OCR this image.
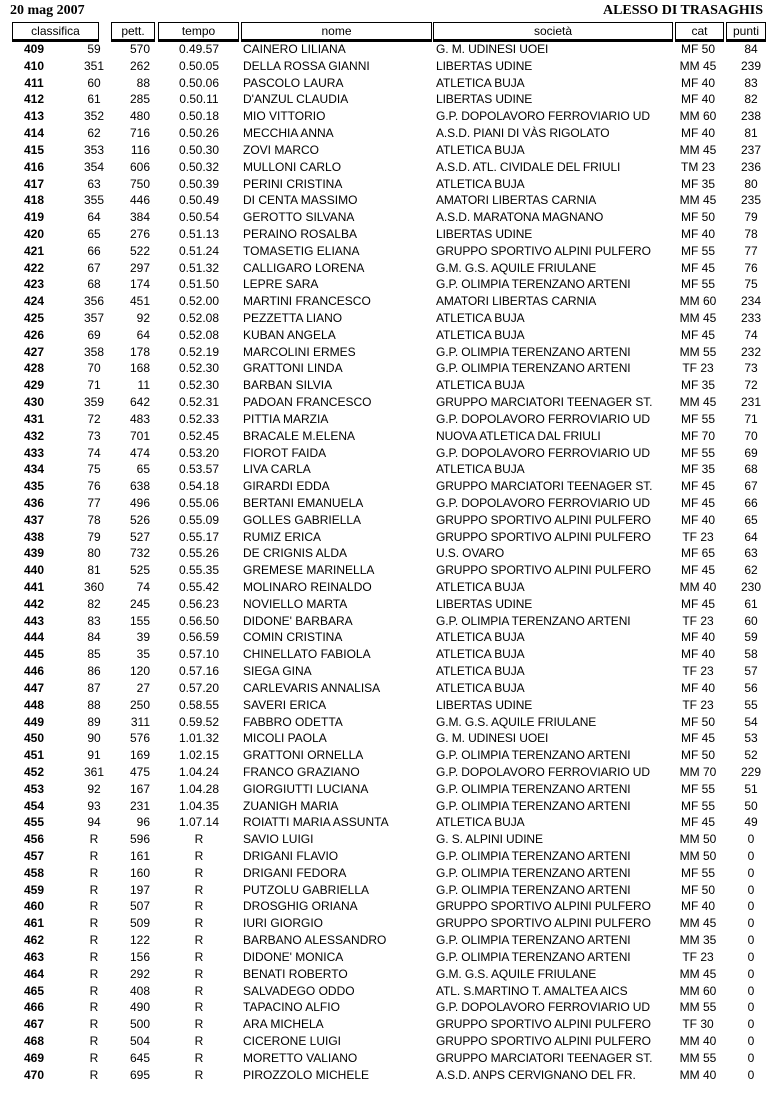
20 mag 2007	ALESSO DI TRASAGHIS
classifica	pett.	tempo	nome	società	cat	punti
409	59	570	0.49.57	CAINERO LILIANA	G. M. UDINESI UOEI	MF 50	84
410	351	262	0.50.05	DELLA ROSSA GIANNI	LIBERTAS UDINE	MM 45	239
411	60	88	0.50.06	PASCOLO LAURA	ATLETICA BUJA	MF 40	83
412	61	285	0.50.11	D'ANZUL CLAUDIA	LIBERTAS UDINE	MF 40	82
413	352	480	0.50.18	MIO VITTORIO	G.P. DOPOLAVORO FERROVIARIO UD	MM 60	238
414	62	716	0.50.26	MECCHIA ANNA	A.S.D. PIANI DI VÀS RIGOLATO	MF 40	81
415	353	116	0.50.30	ZOVI MARCO	ATLETICA BUJA	MM 45	237
416	354	606	0.50.32	MULLONI CARLO	A.S.D. ATL. CIVIDALE DEL FRIULI	TM 23	236
417	63	750	0.50.39	PERINI CRISTINA	ATLETICA BUJA	MF 35	80
418	355	446	0.50.49	DI CENTA MASSIMO	AMATORI LIBERTAS CARNIA	MM 45	235
419	64	384	0.50.54	GEROTTO SILVANA	A.S.D. MARATONA MAGNANO	MF 50	79
420	65	276	0.51.13	PERAINO ROSALBA	LIBERTAS UDINE	MF 40	78
421	66	522	0.51.24	TOMASETIG ELIANA	GRUPPO SPORTIVO ALPINI PULFERO	MF 55	77
422	67	297	0.51.32	CALLIGARO LORENA	G.M. G.S. AQUILE FRIULANE	MF 45	76
423	68	174	0.51.50	LEPRE SARA	G.P. OLIMPIA TERENZANO ARTENI	MF 55	75
424	356	451	0.52.00	MARTINI FRANCESCO	AMATORI LIBERTAS CARNIA	MM 60	234
425	357	92	0.52.08	PEZZETTA LIANO	ATLETICA BUJA	MM 45	233
426	69	64	0.52.08	KUBAN ANGELA	ATLETICA BUJA	MF 45	74
427	358	178	0.52.19	MARCOLINI ERMES	G.P. OLIMPIA TERENZANO ARTENI	MM 55	232
428	70	168	0.52.30	GRATTONI LINDA	G.P. OLIMPIA TERENZANO ARTENI	TF 23	73
429	71	11	0.52.30	BARBAN SILVIA	ATLETICA BUJA	MF 35	72
430	359	642	0.52.31	PADOAN FRANCESCO	GRUPPO MARCIATORI TEENAGER ST.	MM 45	231
431	72	483	0.52.33	PITTIA MARZIA	G.P. DOPOLAVORO FERROVIARIO UD	MF 55	71
432	73	701	0.52.45	BRACALE M.ELENA	NUOVA ATLETICA DAL FRIULI	MF 70	70
433	74	474	0.53.20	FIOROT FAIDA	G.P. DOPOLAVORO FERROVIARIO UD	MF 55	69
434	75	65	0.53.57	LIVA CARLA	ATLETICA BUJA	MF 35	68
435	76	638	0.54.18	GIRARDI EDDA	GRUPPO MARCIATORI TEENAGER ST.	MF 45	67
436	77	496	0.55.06	BERTANI EMANUELA	G.P. DOPOLAVORO FERROVIARIO UD	MF 45	66
437	78	526	0.55.09	GOLLES GABRIELLA	GRUPPO SPORTIVO ALPINI PULFERO	MF 40	65
438	79	527	0.55.17	RUMIZ ERICA	GRUPPO SPORTIVO ALPINI PULFERO	TF 23	64
439	80	732	0.55.26	DE CRIGNIS ALDA	U.S. OVARO	MF 65	63
440	81	525	0.55.35	GREMESE MARINELLA	GRUPPO SPORTIVO ALPINI PULFERO	MF 45	62
441	360	74	0.55.42	MOLINARO REINALDO	ATLETICA BUJA	MM 40	230
442	82	245	0.56.23	NOVIELLO MARTA	LIBERTAS UDINE	MF 45	61
443	83	155	0.56.50	DIDONE' BARBARA	G.P. OLIMPIA TERENZANO ARTENI	TF 23	60
444	84	39	0.56.59	COMIN CRISTINA	ATLETICA BUJA	MF 40	59
445	85	35	0.57.10	CHINELLATO FABIOLA	ATLETICA BUJA	MF 40	58
446	86	120	0.57.16	SIEGA GINA	ATLETICA BUJA	TF 23	57
447	87	27	0.57.20	CARLEVARIS ANNALISA	ATLETICA BUJA	MF 40	56
448	88	250	0.58.55	SAVERI ERICA	LIBERTAS UDINE	TF 23	55
449	89	311	0.59.52	FABBRO ODETTA	G.M. G.S. AQUILE FRIULANE	MF 50	54
450	90	576	1.01.32	MICOLI PAOLA	G. M. UDINESI UOEI	MF 45	53
451	91	169	1.02.15	GRATTONI ORNELLA	G.P. OLIMPIA TERENZANO ARTENI	MF 50	52
452	361	475	1.04.24	FRANCO GRAZIANO	G.P. DOPOLAVORO FERROVIARIO UD	MM 70	229
453	92	167	1.04.28	GIORGIUTTI LUCIANA	G.P. OLIMPIA TERENZANO ARTENI	MF 55	51
454	93	231	1.04.35	ZUANIGH MARIA	G.P. OLIMPIA TERENZANO ARTENI	MF 55	50
455	94	96	1.07.14	ROIATTI MARIA ASSUNTA	ATLETICA BUJA	MF 45	49
456	R	596	R	SAVIO LUIGI	G. S. ALPINI UDINE	MM 50	0
457	R	161	R	DRIGANI FLAVIO	G.P. OLIMPIA TERENZANO ARTENI	MM 50	0
458	R	160	R	DRIGANI FEDORA	G.P. OLIMPIA TERENZANO ARTENI	MF 55	0
459	R	197	R	PUTZOLU GABRIELLA	G.P. OLIMPIA TERENZANO ARTENI	MF 50	0
460	R	507	R	DROSGHIG ORIANA	GRUPPO SPORTIVO ALPINI PULFERO	MF 40	0
461	R	509	R	IURI GIORGIO	GRUPPO SPORTIVO ALPINI PULFERO	MM 45	0
462	R	122	R	BARBANO ALESSANDRO	G.P. OLIMPIA TERENZANO ARTENI	MM 35	0
463	R	156	R	DIDONE' MONICA	G.P. OLIMPIA TERENZANO ARTENI	TF 23	0
464	R	292	R	BENATI ROBERTO	G.M. G.S. AQUILE FRIULANE	MM 45	0
465	R	408	R	SALVADEGO ODDO	ATL. S.MARTINO T. AMALTEA AICS	MM 60	0
466	R	490	R	TAPACINO ALFIO	G.P. DOPOLAVORO FERROVIARIO UD	MM 55	0
467	R	500	R	ARA MICHELA	GRUPPO SPORTIVO ALPINI PULFERO	TF 30	0
468	R	504	R	CICERONE LUIGI	GRUPPO SPORTIVO ALPINI PULFERO	MM 40	0
469	R	645	R	MORETTO VALIANO	GRUPPO MARCIATORI TEENAGER ST.	MM 55	0
470	R	695	R	PIROZZOLO MICHELE	A.S.D. ANPS CERVIGNANO DEL FR.	MM 40	0
